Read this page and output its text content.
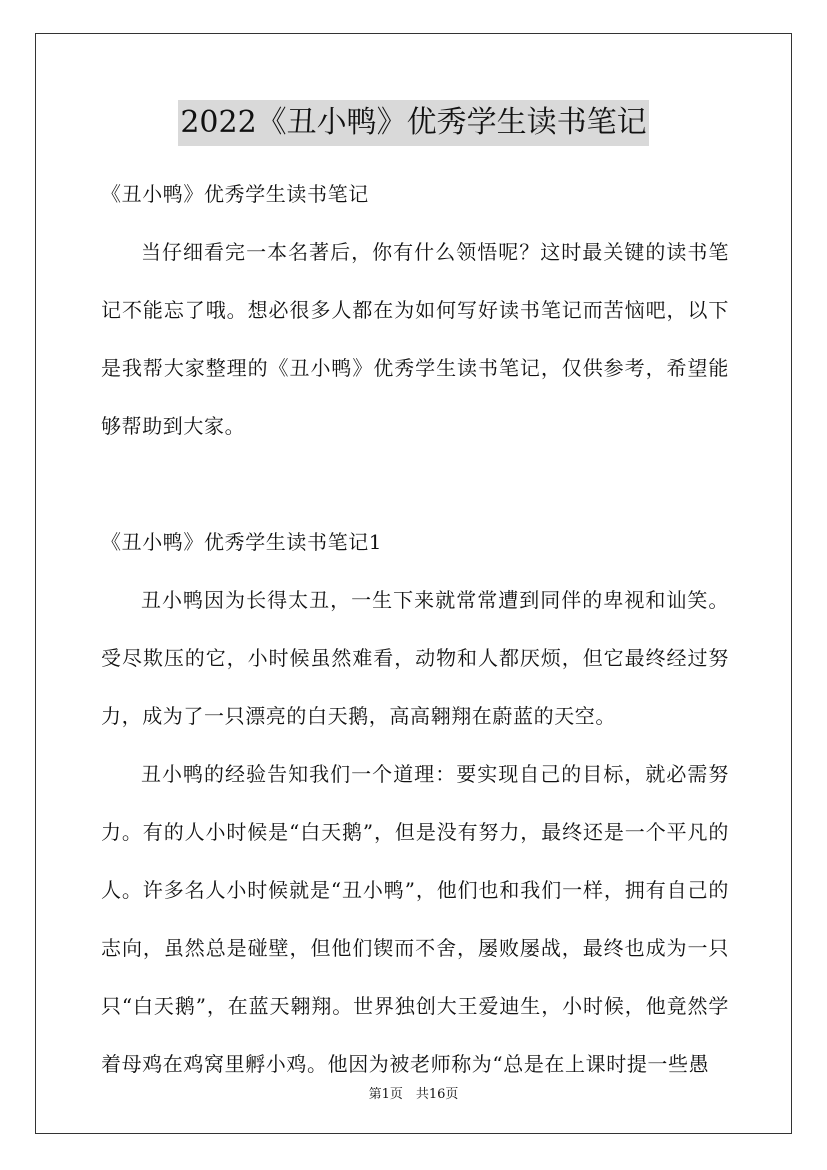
2022《丑小鸭》优秀学生读书笔记

《丑小鸭》优秀学生读书笔记

当仔细看完一本名著后，你有什么领悟呢？这时最关键的读书笔记不能忘了哦。想必很多人都在为如何写好读书笔记而苦恼吧，以下是我帮大家整理的《丑小鸭》优秀学生读书笔记，仅供参考，希望能够帮助到大家。

《丑小鸭》优秀学生读书笔记1

丑小鸭因为长得太丑，一生下来就常常遭到同伴的卑视和讪笑。受尽欺压的它，小时候虽然难看，动物和人都厌烦，但它最终经过努力，成为了一只漂亮的白天鹅，高高翱翔在蔚蓝的天空。

丑小鸭的经验告知我们一个道理：要实现自己的目标，就必需努力。有的人小时候是“白天鹅”，但是没有努力，最终还是一个平凡的人。许多名人小时候就是“丑小鸭”，他们也和我们一样，拥有自己的志向，虽然总是碰壁，但他们锲而不舍，屡败屡战，最终也成为一只只“白天鹅”，在蓝天翱翔。世界独创大王爱迪生，小时候，他竟然学着母鸡在鸡窝里孵小鸡。他因为被老师称为“总是在上课时提一些愚

第1页　共16页
